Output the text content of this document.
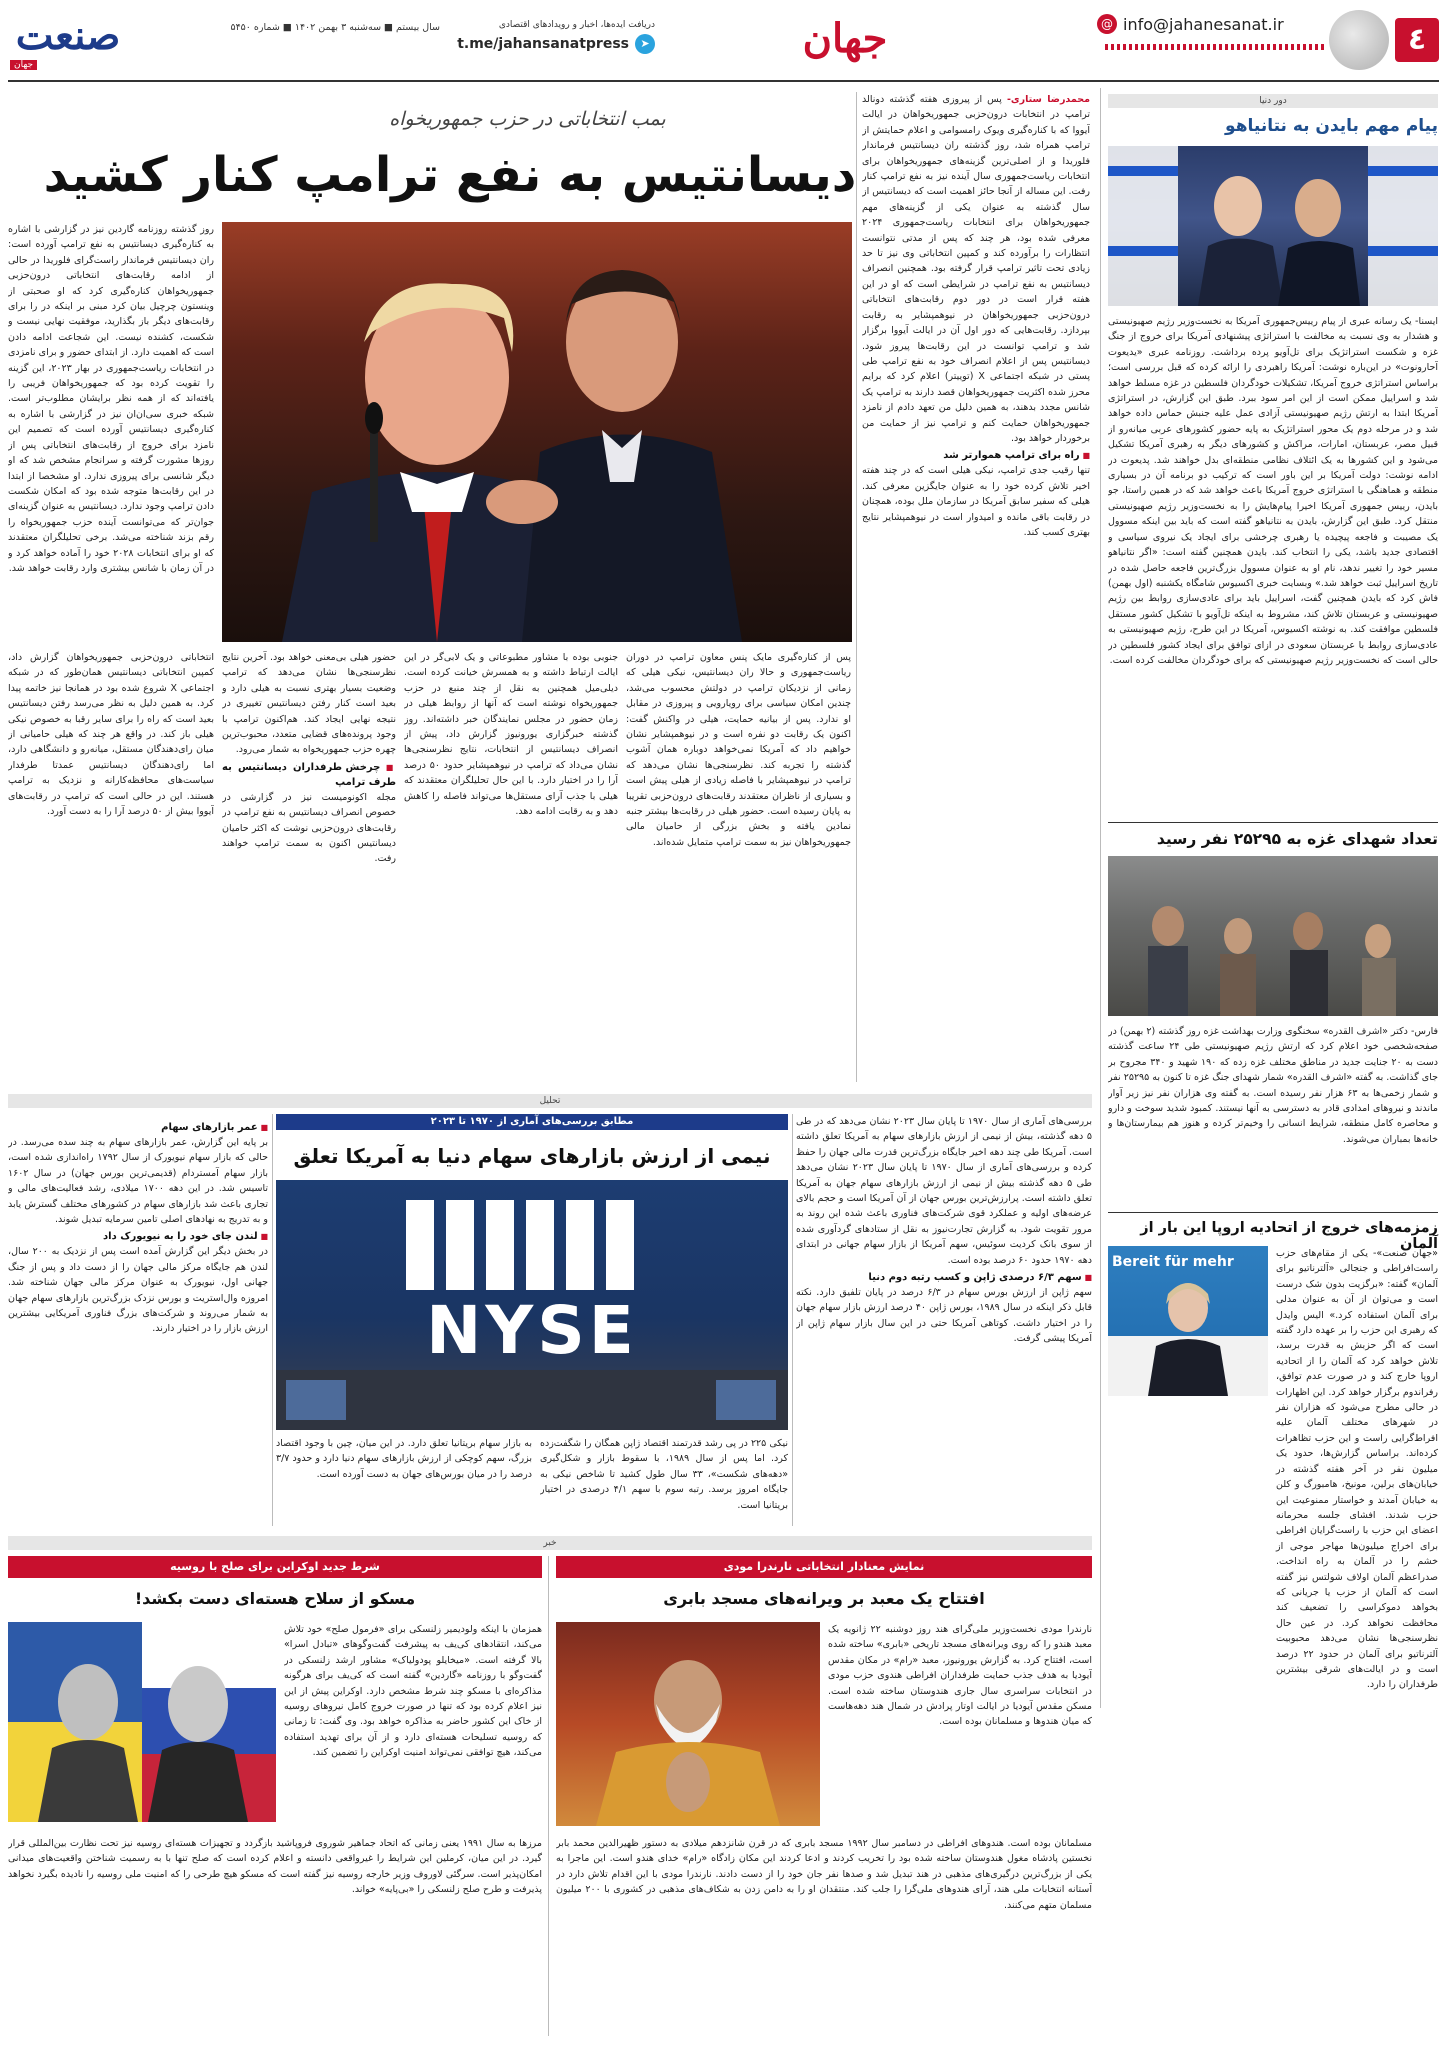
٤
@ info@jahanesanat.ir
جهان
دریافت ایده‌ها، اخبار و رویدادهای اقتصادی
➤
t.me/jahansanatpress
سال بیستم ■ سه‌شنبه ۳ بهمن ۱۴۰۲ ■ شماره ۵۴۵۰
صنعت
جهان
دور دنیا
پیام مهم بایدن به نتانیاهو
ایسنا- یک رسانه عبری از پیام رییس‌جمهوری آمریکا به نخست‌وزیر رژیم صهیونیستی و هشدار به وی نسبت به مخالفت با استراتژی پیشنهادی آمریکا برای خروج از جنگ غزه و شکست استراتژیک برای تل‌آویو پرده برداشت. روزنامه عبری «یدیعوت آحارونوت» در این‌باره نوشت: آمریکا راهبردی را ارائه کرده که قبل بررسی است؛ براساس استراتژی خروج آمریکا، تشکیلات خودگردان فلسطین در غزه مسلط خواهد شد و اسراییل ممکن است از این امر سود ببرد. طبق این گزارش، در استراتژی آمریکا ابتدا به ارتش رژیم صهیونیستی آزادی عمل علیه جنبش حماس داده خواهد شد و در مرحله دوم یک محور استراتژیک به پایه حضور کشورهای عربی میانه‌رو از قبیل مصر، عربستان، امارات، مراکش و کشورهای دیگر به رهبری آمریکا تشکیل می‌شود و این کشورها به یک ائتلاف نظامی منطقه‌ای بدل خواهند شد. پدیعوت در ادامه نوشت: دولت آمریکا بر این باور است که ترکیب دو برنامه آن در بسیاری منطقه و هماهنگی با استراتژی خروج آمریکا باعث خواهد شد که در همین راستا، جو بایدن، رییس جمهوری آمریکا اخیرا پیام‌هایش را به نخست‌وزیر رژیم صهیونیستی منتقل کرد. طبق این گزارش، بایدن به نتانیاهو گفته است که باید بین اینکه مسوول یک مصیبت و فاجعه پیچیده یا رهبری چرخشی برای ایجاد یک نیروی سیاسی و اقتصادی جدید باشد، یکی را انتخاب کند. بایدن همچنین گفته است: «اگر نتانیاهو مسیر خود را تغییر ندهد، نام او به عنوان مسوول بزرگ‌ترین فاجعه حاصل شده در تاریخ اسراییل ثبت خواهد شد.» وبسایت خبری اکسیوس شامگاه یکشنبه (اول بهمن) فاش کرد که بایدن همچنین گفت، اسراییل باید برای عادی‌سازی روابط بین رژیم صهیونیستی و عربستان تلاش کند، مشروط به اینکه تل‌آویو با تشکیل کشور مستقل فلسطین موافقت کند. به نوشته اکسیوس، آمریکا در این طرح، رژیم صهیونیستی به عادی‌سازی روابط با عربستان سعودی در ازای توافق برای ایجاد کشور فلسطین در حالی است که نخست‌وزیر رژیم صهیونیستی که برای خودگردان مخالفت کرده است.
تعداد شهدای غزه به ۲۵۲۹۵ نفر رسید
فارس- دکتر «اشرف القدره» سخنگوی وزارت بهداشت غزه روز گذشته (۲ بهمن) در صفحه‌شخصی خود اعلام کرد که ارتش رژیم صهیونیستی طی ۲۴ ساعت گذشته دست به ۲۰ جنایت جدید در مناطق مختلف غزه زده که ۱۹۰ شهید و ۳۴۰ مجروح بر جای گذاشت. به گفته «اشرف القدره» شمار شهدای جنگ غزه تا کنون به ۲۵۲۹۵ نفر و شمار زخمی‌ها به ۶۳ هزار نفر رسیده است. به گفته وی هزاران نفر نیز زیر آوار ماندند و نیروهای امدادی قادر به دسترسی به آنها نیستند. کمبود شدید سوخت و دارو و محاصره کامل منطقه، شرایط انسانی را وخیم‌تر کرده و هنوز هم بیمارستان‌ها و خانه‌ها بمباران می‌شوند.
زمزمه‌های خروج از اتحادیه اروپا این بار از آلمان
Bereit für mehr
«جهان صنعت»- یکی از مقام‌های حزب راست‌افراطی و جنجالی «آلترناتیو برای آلمان» گفته: «برگزیت بدون شک درست است و می‌توان از آن به عنوان مدلی برای آلمان استفاده کرد.» الیس وایدل که رهبری این حزب را بر عهده دارد گفته است که اگر حزبش به قدرت برسد، تلاش خواهد کرد که آلمان را از اتحادیه اروپا خارج کند و در صورت عدم توافق، رفراندوم برگزار خواهد کرد. این اظهارات در حالی مطرح می‌شود که هزاران نفر در شهرهای مختلف آلمان علیه افراط‌گرایی راست و این حزب تظاهرات کرده‌اند. براساس گزارش‌ها، حدود یک میلیون نفر در آخر هفته گذشته در خیابان‌های برلین، مونیخ، هامبورگ و کلن به خیابان آمدند و خواستار ممنوعیت این حزب شدند. افشای جلسه محرمانه اعضای این حزب با راست‌گرایان افراطی برای اخراج میلیون‌ها مهاجر موجی از خشم را در آلمان به راه انداخت. صدراعظم آلمان اولاف شولتس نیز گفته است که آلمان از حزب یا جریانی که بخواهد دموکراسی را تضعیف کند محافظت نخواهد کرد. در عین حال نظرسنجی‌ها نشان می‌دهد محبوبیت آلترناتیو برای آلمان در حدود ۲۲ درصد است و در ایالت‌های شرقی بیشترین طرفداران را دارد.
بمب انتخاباتی در حزب جمهوریخواه
دیسانتیس به نفع ترامپ کنار کشید
محمدرضا ستاری- پس از پیروزی هفته گذشته دونالد ترامپ در انتخابات درون‌حزبی جمهوریخواهان در ایالت آیووا که با کناره‌گیری ویوک رامسوامی و اعلام حمایتش از ترامپ همراه شد، روز گذشته ران دیسانتیس فرماندار فلوریدا و از اصلی‌ترین گزینه‌های جمهوریخواهان برای انتخابات ریاست‌جمهوری سال آینده نیز به نفع ترامپ کنار رفت. این مساله از آنجا حائز اهمیت است که دیسانتیس از سال گذشته به عنوان یکی از گزینه‌های مهم جمهوریخواهان برای انتخابات ریاست‌جمهوری ۲۰۲۴ معرفی شده بود، هر چند که پس از مدتی نتوانست انتظارات را برآورده کند و کمپین انتخاباتی وی نیز تا حد زیادی تحت تاثیر ترامپ قرار گرفته بود. همچنین انصراف دیسانتیس به نفع ترامپ در شرایطی است که او در این هفته قرار است در دور دوم رقابت‌های انتخاباتی درون‌حزبی جمهوریخواهان در نیوهمپشایر به رقابت بپردازد. رقابت‌هایی که دور اول آن در ایالت آیووا برگزار شد و ترامپ توانست در این رقابت‌ها پیروز شود. دیسانتیس پس از اعلام انصراف خود به نفع ترامپ طی پستی در شبکه اجتماعی X (توییتر) اعلام کرد که برایم محرز شده اکثریت جمهوریخواهان قصد دارند به ترامپ یک شانس مجدد بدهند، به همین دلیل من تعهد دادم از نامزد جمهوریخواهان حمایت کنم و ترامپ نیز از حمایت من برخوردار خواهد بود.
■ راه برای ترامپ هموارتر شد
تنها رقیب جدی ترامپ، نیکی هیلی است که در چند هفته اخیر تلاش کرده خود را به عنوان جایگزین معرفی کند. هیلی که سفیر سابق آمریکا در سازمان ملل بوده، همچنان در رقابت باقی مانده و امیدوار است در نیوهمپشایر نتایج بهتری کسب کند.
پس از کناره‌گیری مایک پنس معاون ترامپ در دوران ریاست‌جمهوری و حالا ران دیسانتیس، نیکی هیلی که زمانی از نزدیکان ترامپ در دولتش محسوب می‌شد، چندین امکان سیاسی برای رویارویی و پیروزی در مقابل او ندارد. پس از بیانیه حمایت، هیلی در واکنش گفت: اکنون یک رقابت دو نفره است و در نیوهمپشایر نشان خواهیم داد که آمریکا نمی‌خواهد دوباره همان آشوب گذشته را تجربه کند. نظرسنجی‌ها نشان می‌دهد که ترامپ در نیوهمپشایر با فاصله زیادی از هیلی پیش است و بسیاری از ناظران معتقدند رقابت‌های درون‌حزبی تقریبا به پایان رسیده است. حضور هیلی در رقابت‌ها بیشتر جنبه نمادین یافته و بخش بزرگی از حامیان مالی جمهوریخواهان نیز به سمت ترامپ متمایل شده‌اند.
جنوبی بوده با مشاور مطبوعاتی و یک لابی‌گر در این ایالت ارتباط داشته و به همسرش خیانت کرده است. دیلی‌میل همچنین به نقل از چند منبع در حزب جمهوریخواه نوشته است که آنها از روابط هیلی در زمان حضور در مجلس نمایندگان خبر داشته‌اند. روز گذشته خبرگزاری یورونیوز گزارش داد، پیش از انصراف دیسانتیس از انتخابات، نتایج نظرسنجی‌ها نشان می‌داد که ترامپ در نیوهمپشایر حدود ۵۰ درصد آرا را در اختیار دارد. با این حال تحلیلگران معتقدند که هیلی با جذب آرای مستقل‌ها می‌تواند فاصله را کاهش دهد و به رقابت ادامه دهد.
حضور هیلی بی‌معنی خواهد بود. آخرین نتایج نظرسنجی‌ها نشان می‌دهد که ترامپ وضعیت بسیار بهتری نسبت به هیلی دارد و بعید است کنار رفتن دیسانتیس تغییری در نتیجه نهایی ایجاد کند. هم‌اکنون ترامپ با وجود پرونده‌های قضایی متعدد، محبوب‌ترین چهره حزب جمهوریخواه به شمار می‌رود.
■ چرخش طرفداران دیسانتیس به طرف ترامپ
مجله اکونومیست نیز در گزارشی در خصوص انصراف دیسانتیس به نفع ترامپ در رقابت‌های درون‌حزبی نوشت که اکثر حامیان دیسانتیس اکنون به سمت ترامپ خواهند رفت.
انتخاباتی درون‌حزبی جمهوریخواهان گزارش داد، کمپین انتخاباتی دیسانتیس همان‌طور که در شبکه اجتماعی X شروع شده بود در همانجا نیز خاتمه پیدا کرد. به همین دلیل به نظر می‌رسد رفتن دیسانتیس بعید است که راه را برای سایر رقبا به خصوص نیکی هیلی باز کند. در واقع هر چند که هیلی حامیانی از میان رای‌دهندگان مستقل، میانه‌رو و دانشگاهی دارد، اما رای‌دهندگان دیسانتیس عمدتا طرفدار سیاست‌های محافظه‌کارانه و نزدیک به ترامپ هستند. این در حالی است که ترامپ در رقابت‌های آیووا بیش از ۵۰ درصد آرا را به دست آورد.
روز گذشته روزنامه گاردین نیز در گزارشی با اشاره به کناره‌گیری دیسانتیس به نفع ترامپ آورده است: ران دیسانتیس فرماندار راست‌گرای فلوریدا در حالی از ادامه رقابت‌های انتخاباتی درون‌حزبی جمهوریخواهان کناره‌گیری کرد که او صحبتی از وینستون چرچیل بیان کرد مبنی بر اینکه در را برای رقابت‌های دیگر باز بگذارید، موفقیت نهایی نیست و شکست، کشنده نیست. این شجاعت ادامه دادن است که اهمیت دارد. از ابتدای حضور و برای نامزدی در انتخابات ریاست‌جمهوری در بهار ۲۰۲۳، این گزینه را تقویت کرده بود که جمهوریخواهان فریبی را یافته‌اند که از همه نظر برایشان مطلوب‌تر است. شبکه خبری سی‌ان‌ان نیز در گزارشی با اشاره به کناره‌گیری دیسانتیس آورده است که تصمیم این نامزد برای خروج از رقابت‌های انتخاباتی پس از روزها مشورت گرفته و سرانجام مشخص شد که او دیگر شانسی برای پیروزی ندارد. او مشخصا از ابتدا در این رقابت‌ها متوجه شده بود که امکان شکست دادن ترامپ وجود ندارد. دیسانتیس به عنوان گزینه‌ای جوان‌تر که می‌توانست آینده حزب جمهوریخواه را رقم بزند شناخته می‌شد. برخی تحلیلگران معتقدند که او برای انتخابات ۲۰۲۸ خود را آماده خواهد کرد و در آن زمان با شانس بیشتری وارد رقابت خواهد شد.
تحلیل
مطابق بررسی‌های آماری از ۱۹۷۰ تا ۲۰۲۳
نیمی از ارزش بازارهای سهام دنیا به آمریکا تعلق
NYSE
بررسی‌های آماری از سال ۱۹۷۰ تا پایان سال ۲۰۲۳ نشان می‌دهد که در طی ۵ دهه گذشته، بیش از نیمی از ارزش بازارهای سهام به آمریکا تعلق داشته است. آمریکا طی چند دهه اخیر جایگاه بزرگ‌ترین قدرت مالی جهان را حفظ کرده و بررسی‌های آماری از سال ۱۹۷۰ تا پایان سال ۲۰۲۳ نشان می‌دهد طی ۵ دهه گذشته بیش از نیمی از ارزش بازارهای سهام جهان به آمریکا تعلق داشته است. پرارزش‌ترین بورس جهان از آن آمریکا است و حجم بالای عرضه‌های اولیه و عملکرد قوی شرکت‌های فناوری باعث شده این روند به مرور تقویت شود. به گزارش تجارت‌نیوز به نقل از ستادهای گردآوری شده از سوی بانک کردیت سوئیس، سهم آمریکا از بازار سهام جهانی در ابتدای دهه ۱۹۷۰ حدود ۶۰ درصد بوده است.
■ سهم ۶/۳ درصدی ژاپن و کسب رتبه دوم دنیا
سهم ژاپن از ارزش بورس سهام در ۶/۳ درصد در پایان تلفیق دارد. نکته قابل ذکر اینکه در سال ۱۹۸۹، بورس ژاپن ۴۰ درصد ارزش بازار سهام جهان را در اختیار داشت. کوتاهی آمریکا حتی در این سال بازار سهام ژاپن از آمریکا پیشی گرفت.
نیکی ۲۲۵ در پی رشد قدرتمند اقتصاد ژاپن همگان را شگفت‌زده کرد. اما پس از سال ۱۹۸۹، با سقوط بازار و شکل‌گیری «دهه‌های شکست»، ۳۳ سال طول کشید تا شاخص نیکی به جایگاه امروز برسد. رتبه سوم با سهم ۴/۱ درصدی در اختیار بریتانیا است.
به بازار سهام بریتانیا تعلق دارد. در این میان، چین با وجود اقتصاد بزرگ، سهم کوچکی از ارزش بازارهای سهام دنیا دارد و حدود ۳/۷ درصد را در میان بورس‌های جهان به دست آورده است.
■ عمر بازارهای سهام
بر پایه این گزارش، عمر بازارهای سهام به چند سده می‌رسد. در حالی که بازار سهام نیویورک از سال ۱۷۹۲ راه‌اندازی شده است، بازار سهام آمستردام (قدیمی‌ترین بورس جهان) در سال ۱۶۰۲ تاسیس شد. در این دهه ۱۷۰۰ میلادی، رشد فعالیت‌های مالی و تجاری باعث شد بازارهای سهام در کشورهای مختلف گسترش یابد و به تدریج به نهادهای اصلی تامین سرمایه تبدیل شوند.
■ لندن جای خود را به نیویورک داد
در بخش دیگر این گزارش آمده است پس از نزدیک به ۲۰۰ سال، لندن هم جایگاه مرکز مالی جهان را از دست داد و پس از جنگ جهانی اول، نیویورک به عنوان مرکز مالی جهان شناخته شد. امروزه وال‌استریت و بورس نزدک بزرگ‌ترین بازارهای سهام جهان به شمار می‌روند و شرکت‌های بزرگ فناوری آمریکایی بیشترین ارزش بازار را در اختیار دارند.
خبر
نمایش معنادار انتخاباتی نارندرا مودی
افتتاح یک معبد بر ویرانه‌های مسجد بابری
نارندرا مودی نخست‌وزیر ملی‌گرای هند روز دوشنبه ۲۲ ژانویه یک معبد هندو را که روی ویرانه‌های مسجد تاریخی «بابری» ساخته شده است، افتتاح کرد. به گزارش یورونیوز، معبد «رام» در مکان مقدس آیودیا به هدف جذب حمایت طرفداران افراطی هندوی حزب مودی در انتخابات سراسری سال جاری هندوستان ساخته شده است. مسکن مقدس آیودیا در ایالت اوتار پرادش در شمال هند دهه‌هاست که میان هندوها و مسلمانان بوده است.
مسلمانان بوده است. هندوهای افراطی در دسامبر سال ۱۹۹۲ مسجد بابری که در قرن شانزدهم میلادی به دستور ظهیرالدین محمد بابر نخستین پادشاه مغول هندوستان ساخته شده بود را تخریب کردند و ادعا کردند این مکان زادگاه «رام» خدای هندو است. این ماجرا به یکی از بزرگ‌ترین درگیری‌های مذهبی در هند تبدیل شد و صدها نفر جان خود را از دست دادند. نارندرا مودی با این اقدام تلاش دارد در آستانه انتخابات ملی هند، آرای هندوهای ملی‌گرا را جلب کند. منتقدان او را به دامن زدن به شکاف‌های مذهبی در کشوری با ۲۰۰ میلیون مسلمان متهم می‌کنند.
شرط جدید اوکراین برای صلح با روسیه
مسکو از سلاح هسته‌ای دست بکشد!
همزمان با اینکه ولودیمیر زلنسکی برای «فرمول صلح» خود تلاش می‌کند، انتقادهای کی‌یف به پیشرفت گفت‌وگوهای «تبادل اسرا» بالا گرفته است. «میخایلو پودولیاک» مشاور ارشد زلنسکی در گفت‌وگو با روزنامه «گاردین» گفته است که کی‌یف برای هرگونه مذاکره‌ای با مسکو چند شرط مشخص دارد. اوکراین پیش از این نیز اعلام کرده بود که تنها در صورت خروج کامل نیروهای روسیه از خاک این کشور حاضر به مذاکره خواهد بود. وی گفت: تا زمانی که روسیه تسلیحات هسته‌ای دارد و از آن برای تهدید استفاده می‌کند، هیچ توافقی نمی‌تواند امنیت اوکراین را تضمین کند.
مرزها به سال ۱۹۹۱ یعنی زمانی که اتحاد جماهیر شوروی فروپاشید بازگردد و تجهیزات هسته‌ای روسیه نیز تحت نظارت بین‌المللی قرار گیرد. در این میان، کرملین این شرایط را غیرواقعی دانسته و اعلام کرده است که صلح تنها با به رسمیت شناختن واقعیت‌های میدانی امکان‌پذیر است. سرگئی لاوروف وزیر خارجه روسیه نیز گفته است که مسکو هیچ طرحی را که امنیت ملی روسیه را نادیده بگیرد نخواهد پذیرفت و طرح صلح زلنسکی را «بی‌پایه» خواند.
